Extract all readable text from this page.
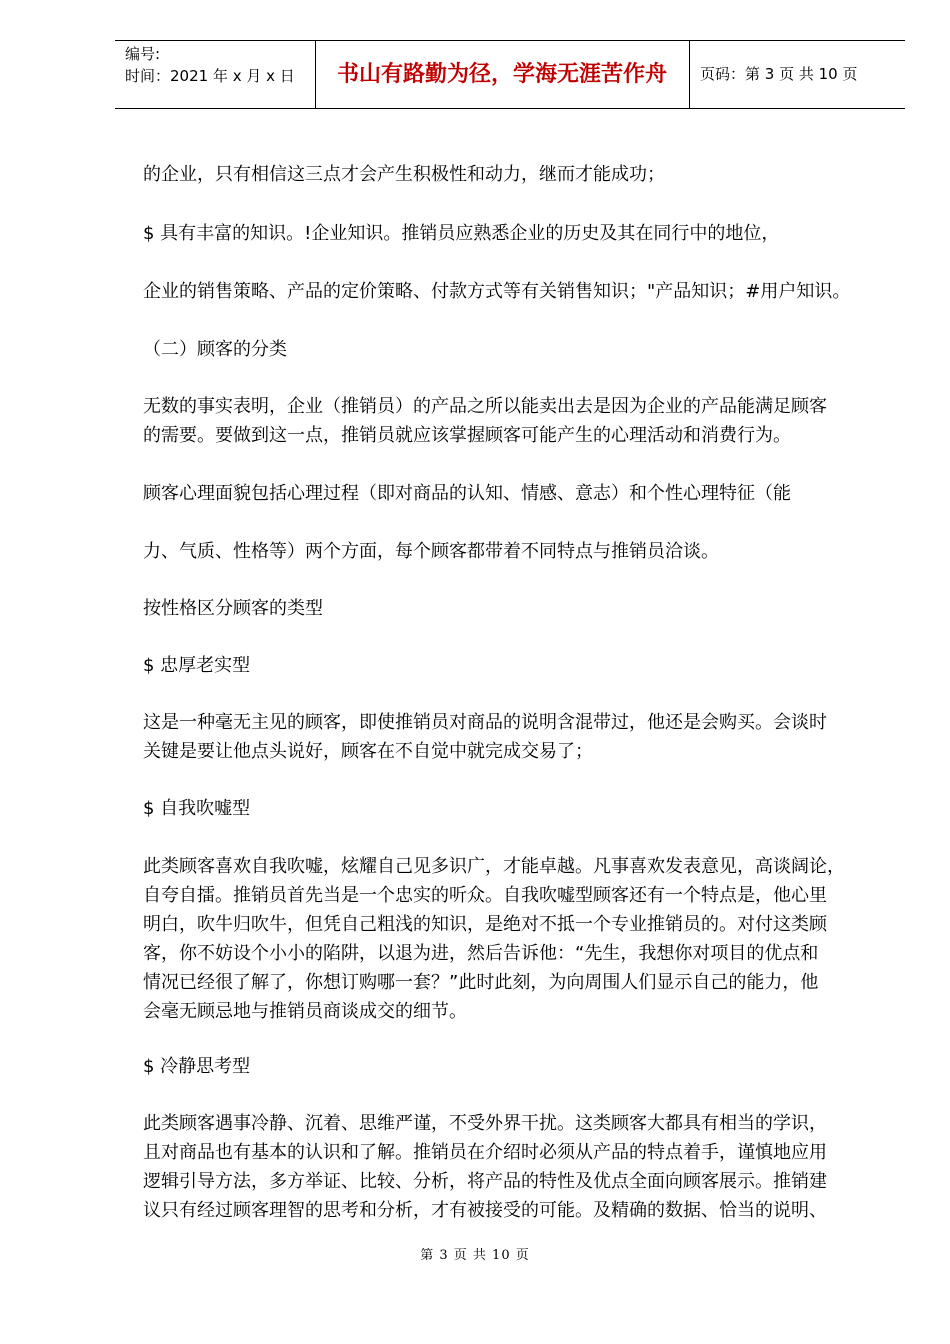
编号:
时间：2021 年 x 月 x 日	书山有路勤为径，学海无涯苦作舟	页码：第 3 页 共 10 页
的企业，只有相信这三点才会产生积极性和动力，继而才能成功；
$ 具有丰富的知识。!企业知识。推销员应熟悉企业的历史及其在同行中的地位，
企业的销售策略、产品的定价策略、付款方式等有关销售知识；"产品知识；#用户知识。
（二）顾客的分类
无数的事实表明，企业（推销员）的产品之所以能卖出去是因为企业的产品能满足顾客
的需要。要做到这一点，推销员就应该掌握顾客可能产生的心理活动和消费行为。
顾客心理面貌包括心理过程（即对商品的认知、情感、意志）和个性心理特征（能
力、气质、性格等）两个方面，每个顾客都带着不同特点与推销员洽谈。
按性格区分顾客的类型
$ 忠厚老实型
这是一种毫无主见的顾客，即使推销员对商品的说明含混带过，他还是会购买。会谈时
关键是要让他点头说好，顾客在不自觉中就完成交易了；
$ 自我吹嘘型
此类顾客喜欢自我吹嘘，炫耀自己见多识广，才能卓越。凡事喜欢发表意见，高谈阔论，
自夸自擂。推销员首先当是一个忠实的听众。自我吹嘘型顾客还有一个特点是，他心里
明白，吹牛归吹牛，但凭自己粗浅的知识，是绝对不抵一个专业推销员的。对付这类顾
客，你不妨设个小小的陷阱，以退为进，然后告诉他：“先生，我想你对项目的优点和
情况已经很了解了，你想订购哪一套？”此时此刻，为向周围人们显示自己的能力，他
会毫无顾忌地与推销员商谈成交的细节。
$ 冷静思考型
此类顾客遇事冷静、沉着、思维严谨，不受外界干扰。这类顾客大都具有相当的学识，
且对商品也有基本的认识和了解。推销员在介绍时必须从产品的特点着手，谨慎地应用
逻辑引导方法，多方举证、比较、分析，将产品的特性及优点全面向顾客展示。推销建
议只有经过顾客理智的思考和分析，才有被接受的可能。及精确的数据、恰当的说明、
第 3 页 共 10 页
